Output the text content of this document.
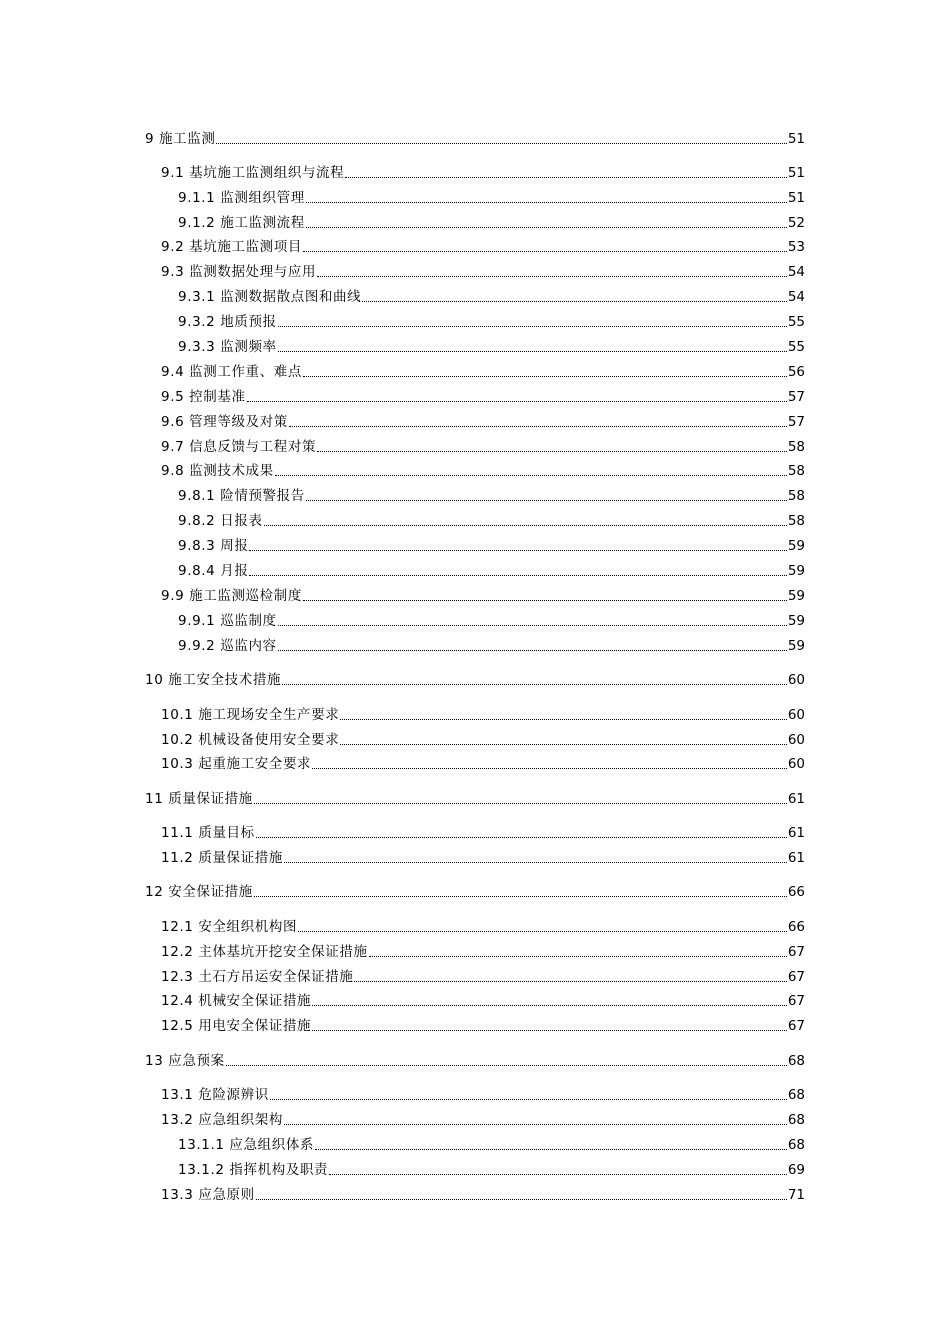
9 施工监测	51
9.1 基坑施工监测组织与流程	51
9.1.1 监测组织管理	51
9.1.2 施工监测流程	52
9.2 基坑施工监测项目	53
9.3 监测数据处理与应用	54
9.3.1 监测数据散点图和曲线	54
9.3.2 地质预报	55
9.3.3 监测频率	55
9.4 监测工作重、难点	56
9.5 控制基准	57
9.6 管理等级及对策	57
9.7 信息反馈与工程对策	58
9.8 监测技术成果	58
9.8.1 险情预警报告	58
9.8.2 日报表	58
9.8.3 周报	59
9.8.4 月报	59
9.9 施工监测巡检制度	59
9.9.1 巡监制度	59
9.9.2 巡监内容	59
10 施工安全技术措施	60
10.1 施工现场安全生产要求	60
10.2 机械设备使用安全要求	60
10.3 起重施工安全要求	60
11 质量保证措施	61
11.1 质量目标	61
11.2 质量保证措施	61
12 安全保证措施	66
12.1 安全组织机构图	66
12.2 主体基坑开挖安全保证措施	67
12.3 土石方吊运安全保证措施	67
12.4 机械安全保证措施	67
12.5 用电安全保证措施	67
13 应急预案	68
13.1 危险源辨识	68
13.2 应急组织架构	68
13.1.1 应急组织体系	68
13.1.2 指挥机构及职责	69
13.3 应急原则	71
